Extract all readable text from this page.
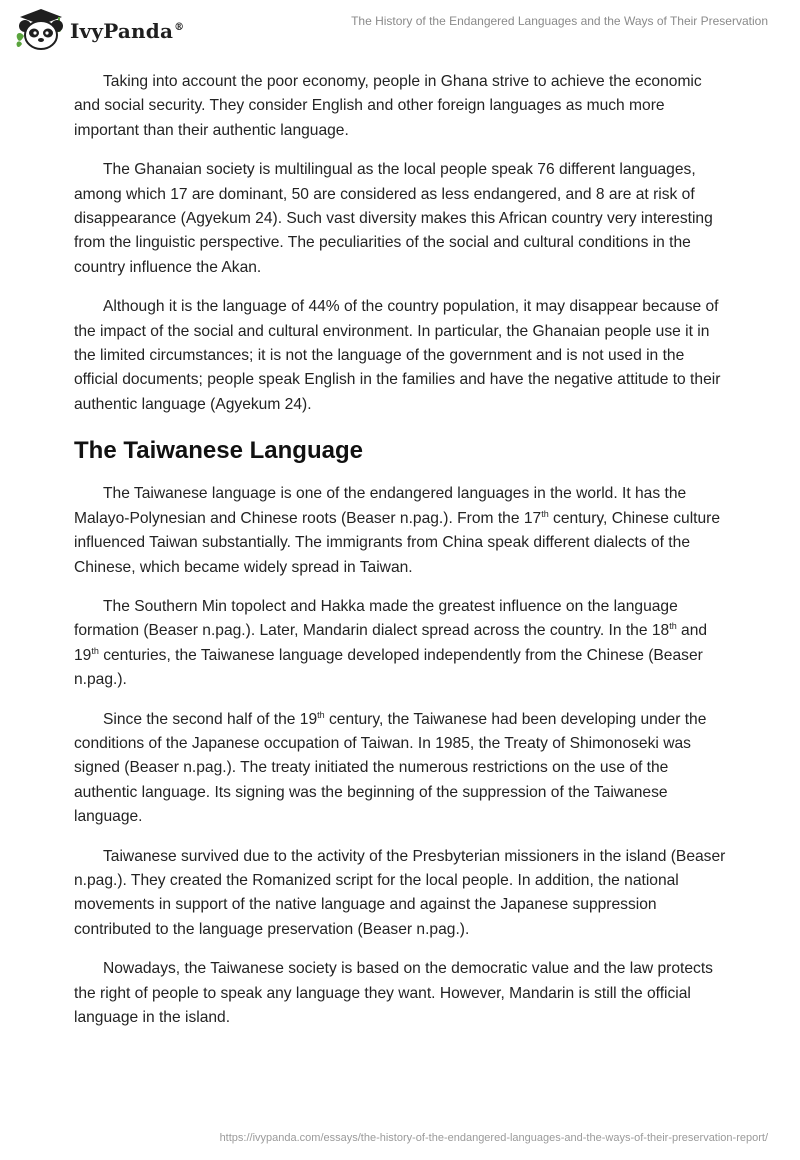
IvyPanda®	The History of the Endangered Languages and the Ways of Their Preservation

Taking into account the poor economy, people in Ghana strive to achieve the economic and social security. They consider English and other foreign languages as much more important than their authentic language.

The Ghanaian society is multilingual as the local people speak 76 different languages, among which 17 are dominant, 50 are considered as less endangered, and 8 are at risk of disappearance (Agyekum 24). Such vast diversity makes this African country very interesting from the linguistic perspective. The peculiarities of the social and cultural conditions in the country influence the Akan.

Although it is the language of 44% of the country population, it may disappear because of the impact of the social and cultural environment. In particular, the Ghanaian people use it in the limited circumstances; it is not the language of the government and is not used in the official documents; people speak English in the families and have the negative attitude to their authentic language (Agyekum 24).

The Taiwanese Language

The Taiwanese language is one of the endangered languages in the world. It has the Malayo-Polynesian and Chinese roots (Beaser n.pag.). From the 17th century, Chinese culture influenced Taiwan substantially. The immigrants from China speak different dialects of the Chinese, which became widely spread in Taiwan.

The Southern Min topolect and Hakka made the greatest influence on the language formation (Beaser n.pag.). Later, Mandarin dialect spread across the country. In the 18th and 19th centuries, the Taiwanese language developed independently from the Chinese (Beaser n.pag.).

Since the second half of the 19th century, the Taiwanese had been developing under the conditions of the Japanese occupation of Taiwan. In 1985, the Treaty of Shimonoseki was signed (Beaser n.pag.). The treaty initiated the numerous restrictions on the use of the authentic language. Its signing was the beginning of the suppression of the Taiwanese language.

Taiwanese survived due to the activity of the Presbyterian missioners in the island (Beaser n.pag.). They created the Romanized script for the local people. In addition, the national movements in support of the native language and against the Japanese suppression contributed to the language preservation (Beaser n.pag.).

Nowadays, the Taiwanese society is based on the democratic value and the law protects the right of people to speak any language they want. However, Mandarin is still the official language in the island.

https://ivypanda.com/essays/the-history-of-the-endangered-languages-and-the-ways-of-their-preservation-report/
